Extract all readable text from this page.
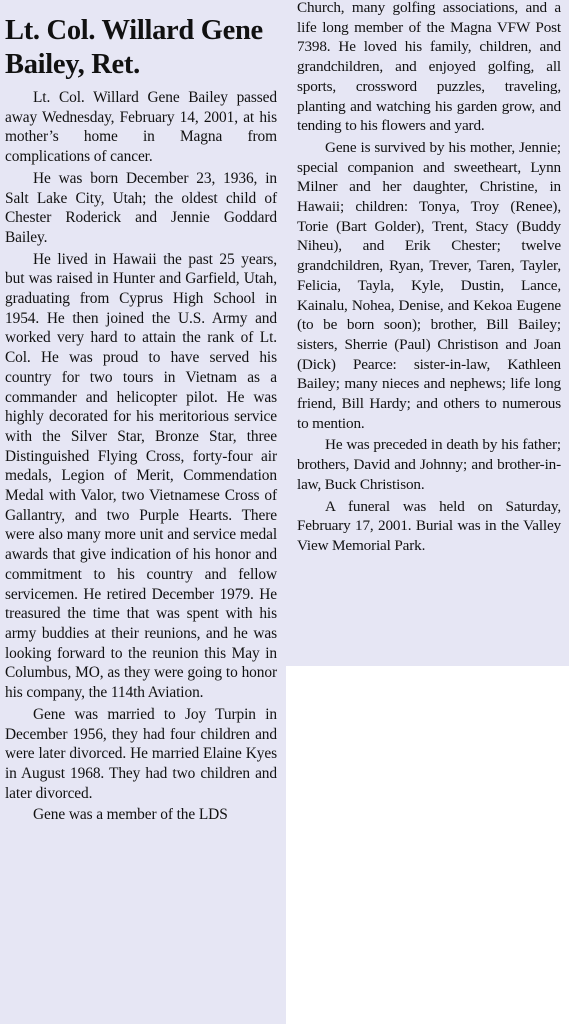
Lt. Col. Willard Gene Bailey, Ret.

Lt. Col. Willard Gene Bailey passed away Wednesday, February 14, 2001, at his mother’s home in Magna from complications of cancer.

He was born December 23, 1936, in Salt Lake City, Utah; the oldest child of Chester Roderick and Jennie Goddard Bailey.

He lived in Hawaii the past 25 years, but was raised in Hunter and Garfield, Utah, graduating from Cyprus High School in 1954. He then joined the U.S. Army and worked very hard to attain the rank of Lt. Col. He was proud to have served his country for two tours in Vietnam as a commander and helicopter pilot. He was highly decorated for his meritorious service with the Silver Star, Bronze Star, three Distinguished Flying Cross, forty-four air medals, Legion of Merit, Commendation Medal with Valor, two Vietnamese Cross of Gallantry, and two Purple Hearts. There were also many more unit and service medal awards that give indication of his honor and commitment to his country and fellow servicemen. He retired December 1979. He treasured the time that was spent with his army buddies at their reunions, and he was looking forward to the reunion this May in Columbus, MO, as they were going to honor his company, the 114th Aviation.

Gene was married to Joy Turpin in December 1956, they had four children and were later divorced. He married Elaine Kyes in August 1968. They had two children and later divorced.

Gene was a member of the LDS

Church, many golfing associations, and a life long member of the Magna VFW Post 7398. He loved his family, children, and grandchildren, and enjoyed golfing, all sports, crossword puzzles, traveling, planting and watching his garden grow, and tending to his flowers and yard.

Gene is survived by his mother, Jennie; special companion and sweetheart, Lynn Milner and her daughter, Christine, in Hawaii; children: Tonya, Troy (Renee), Torie (Bart Golder), Trent, Stacy (Buddy Niheu), and Erik Chester; twelve grandchildren, Ryan, Trever, Taren, Tayler, Felicia, Tayla, Kyle, Dustin, Lance, Kainalu, Nohea, Denise, and Kekoa Eugene (to be born soon); brother, Bill Bailey; sisters, Sherrie (Paul) Christison and Joan (Dick) Pearce: sister-in-law, Kathleen Bailey; many nieces and nephews; life long friend, Bill Hardy; and others to numerous to mention.

He was preceded in death by his father; brothers, David and Johnny; and brother-in-law, Buck Christison.

A funeral was held on Saturday, February 17, 2001. Burial was in the Valley View Memorial Park.
